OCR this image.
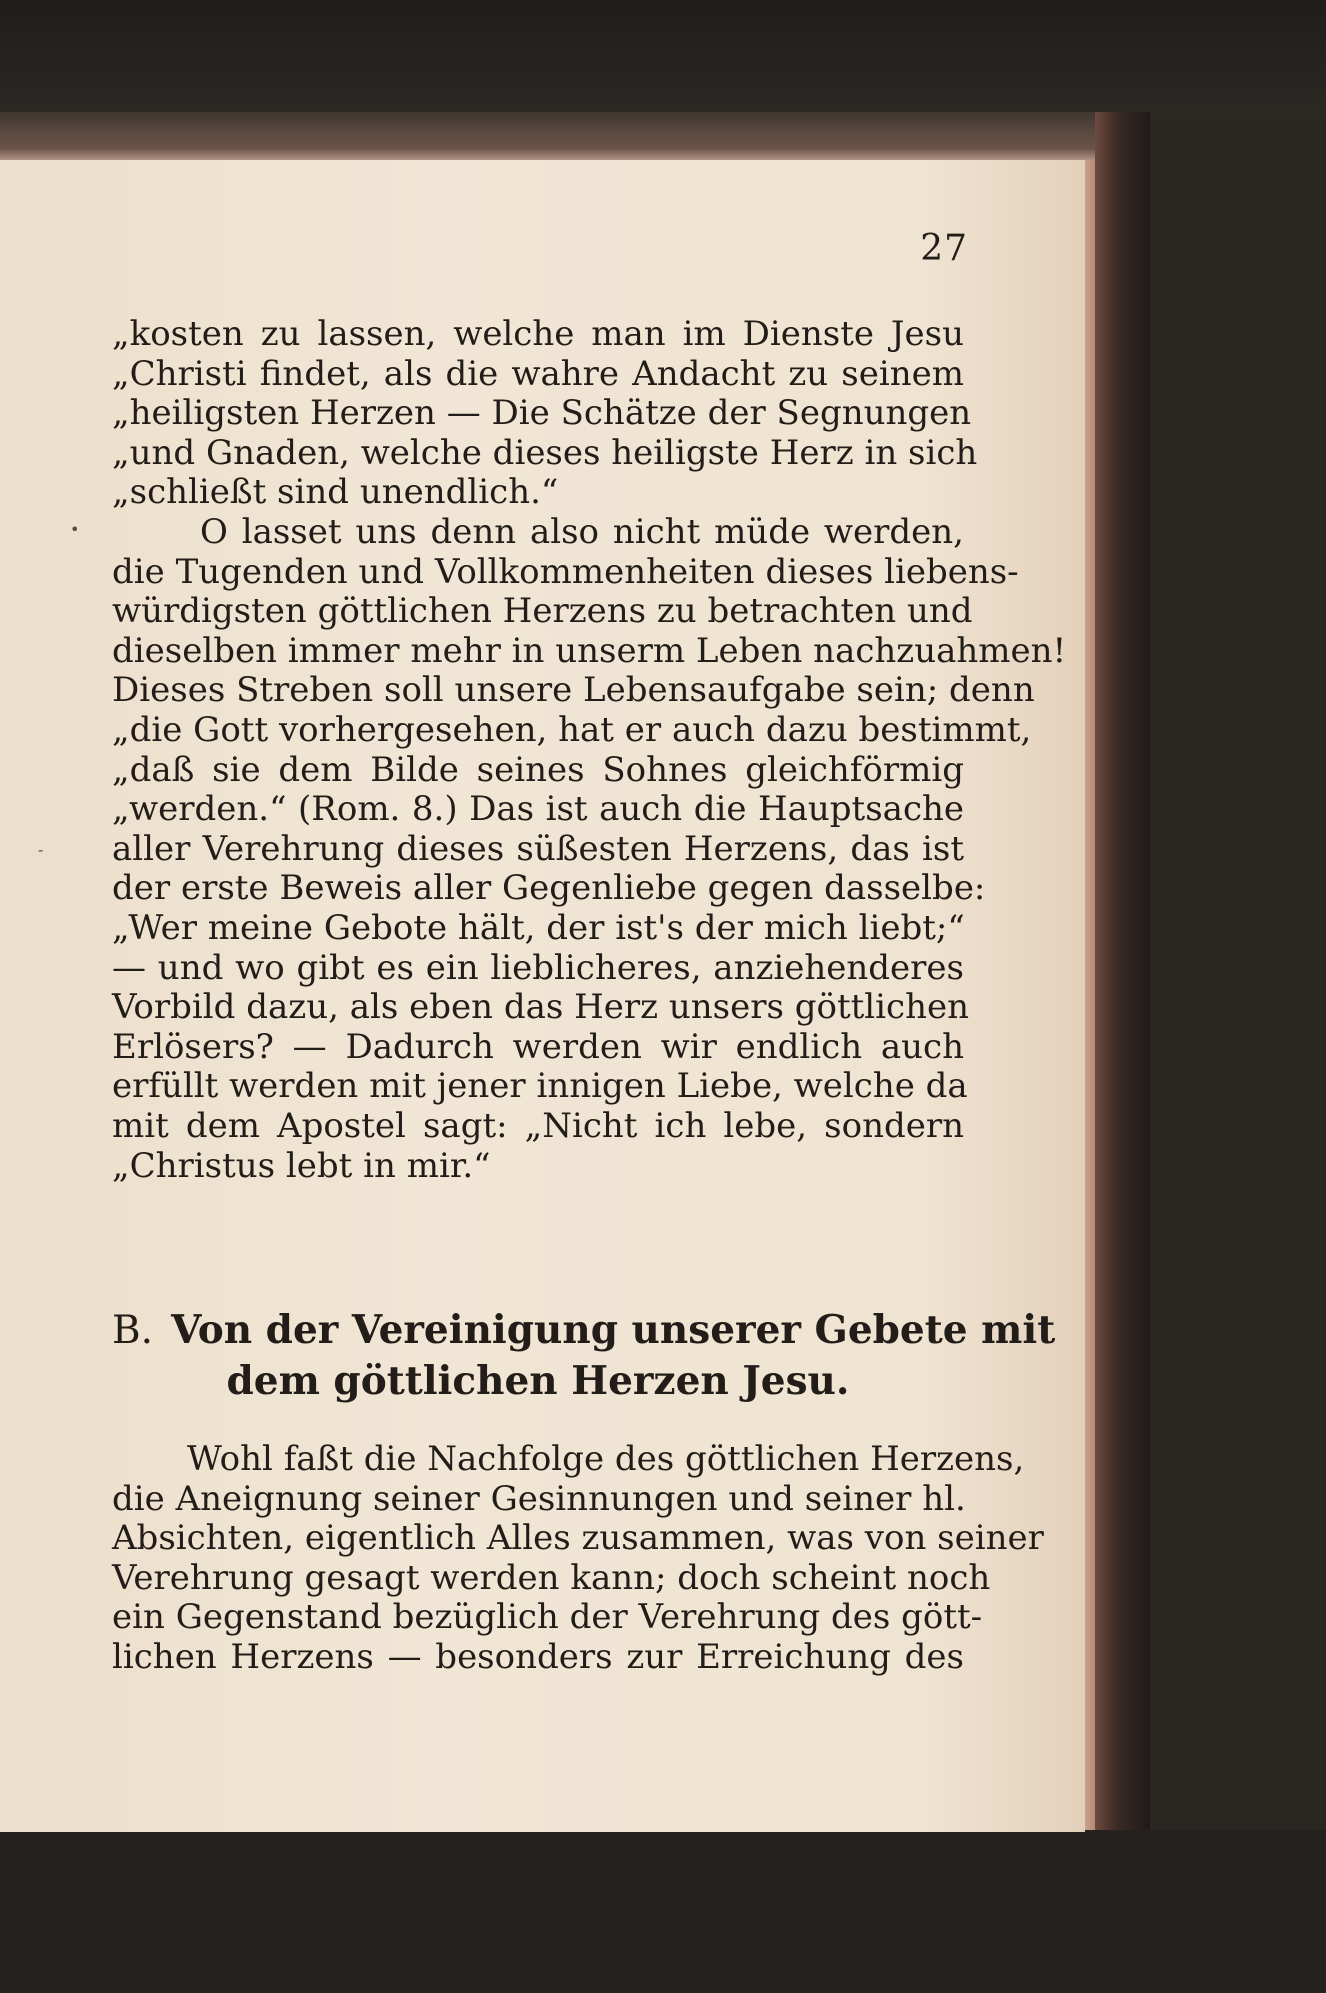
27
•
-
„kosten zu lassen, welche man im Dienste Jesu
„Christi findet, als die wahre Andacht zu seinem
„heiligsten Herzen — Die Schätze der Segnungen
„und Gnaden, welche dieses heiligste Herz in sich
„schließt sind unendlich.“
O lasset uns denn also nicht müde werden,
die Tugenden und Vollkommenheiten dieses liebens-
würdigsten göttlichen Herzens zu betrachten und
dieselben immer mehr in unserm Leben nachzuahmen!
Dieses Streben soll unsere Lebensaufgabe sein; denn
„die Gott vorhergesehen, hat er auch dazu bestimmt,
„daß sie dem Bilde seines Sohnes gleichförmig
„werden.“ (Rom. 8.) Das ist auch die Hauptsache
aller Verehrung dieses süßesten Herzens, das ist
der erste Beweis aller Gegenliebe gegen dasselbe:
„Wer meine Gebote hält, der ist's der mich liebt;“
— und wo gibt es ein lieblicheres, anziehenderes
Vorbild dazu, als eben das Herz unsers göttlichen
Erlösers? — Dadurch werden wir endlich auch
erfüllt werden mit jener innigen Liebe, welche da
mit dem Apostel sagt: „Nicht ich lebe, sondern
„Christus lebt in mir.“
B. Von der Vereinigung unserer Gebete mit
dem göttlichen Herzen Jesu.
Wohl faßt die Nachfolge des göttlichen Herzens,
die Aneignung seiner Gesinnungen und seiner hl.
Absichten, eigentlich Alles zusammen, was von seiner
Verehrung gesagt werden kann; doch scheint noch
ein Gegenstand bezüglich der Verehrung des gött-
lichen Herzens — besonders zur Erreichung des
